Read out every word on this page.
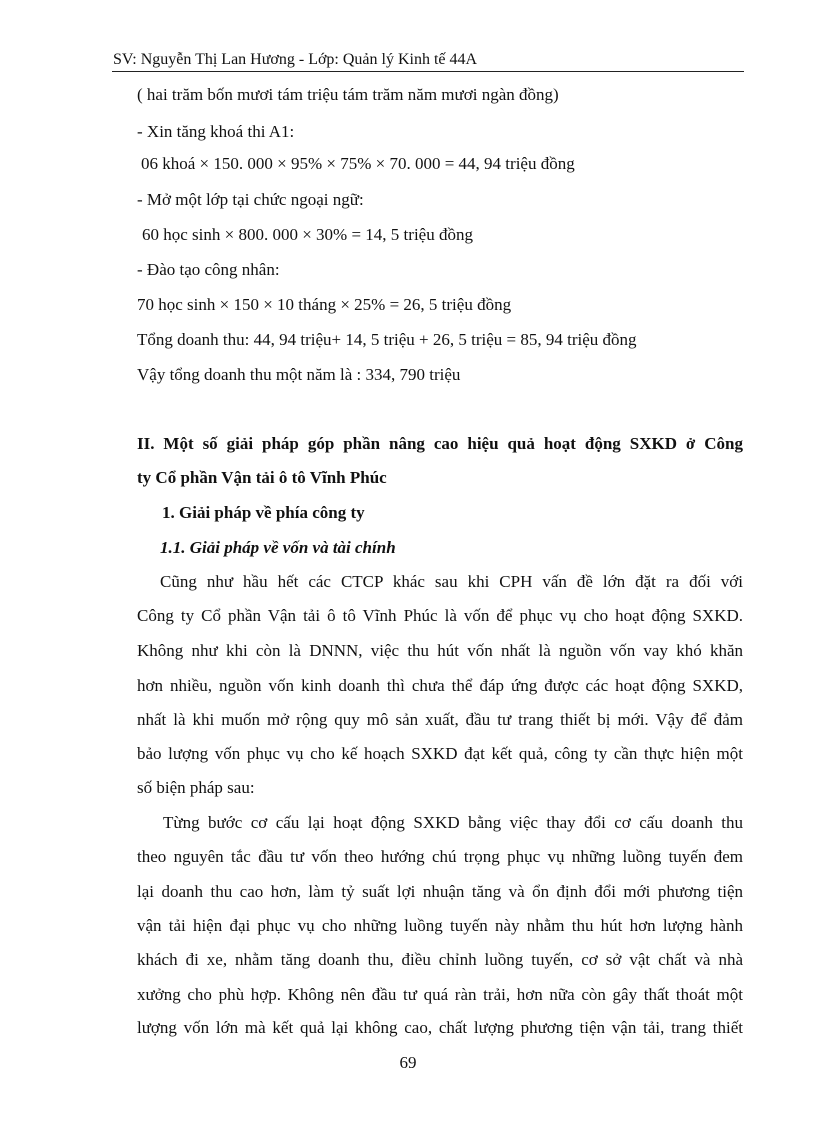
SV: Nguyễn Thị Lan Hương - Lớp: Quản lý Kinh tế 44A
( hai trăm bốn mươi tám triệu tám trăm năm mươi ngàn đồng)
- Xin tăng khoá thi A1:
06 khoá × 150. 000 × 95% × 75% × 70. 000 = 44, 94 triệu đồng
- Mở một lớp tại chức ngoại ngữ:
60 học sinh × 800. 000 × 30% = 14, 5 triệu đồng
- Đào tạo công nhân:
70 học sinh × 150 × 10 tháng × 25% = 26, 5 triệu đồng
Tổng doanh thu: 44, 94 triệu+ 14, 5 triệu + 26, 5 triệu = 85, 94 triệu đồng
Vậy tổng doanh thu một năm là : 334, 790 triệu
II. Một số giải pháp góp phần nâng cao hiệu quả hoạt động SXKD ở Công
ty Cổ phần Vận tải ô tô Vĩnh Phúc
1. Giải pháp về phía công ty
1.1. Giải pháp về vốn và tài chính
Cũng như hầu hết các CTCP khác sau khi CPH vấn đề lớn đặt ra đối với
Công ty Cổ phần Vận tải ô tô Vĩnh Phúc là vốn để phục vụ cho hoạt động SXKD.
Không như khi còn là DNNN, việc thu hút vốn nhất là nguồn vốn vay khó khăn
hơn nhiều, nguồn vốn kinh doanh thì chưa thể đáp ứng được các hoạt động SXKD,
nhất là khi muốn mở rộng quy mô sản xuất, đầu tư trang thiết bị mới. Vậy để đảm
bảo lượng vốn phục vụ cho kế hoạch SXKD đạt kết quả, công ty cần thực hiện một
số biện pháp sau:
Từng bước cơ cấu lại hoạt động SXKD bằng việc thay đổi cơ cấu doanh thu
theo nguyên tắc đầu tư vốn theo hướng chú trọng phục vụ những luồng tuyến đem
lại doanh thu cao hơn, làm tỷ suất lợi nhuận tăng và ổn định đổi mới phương tiện
vận tải hiện đại phục vụ cho những luồng tuyến này nhằm thu hút hơn lượng hành
khách đi xe, nhằm tăng doanh thu, điều chỉnh luồng tuyến, cơ sở vật chất và nhà
xưởng cho phù hợp. Không nên đầu tư quá ràn trải, hơn nữa còn gây thất thoát một
lượng vốn lớn mà kết quả lại không cao, chất lượng phương tiện vận tải, trang thiết
69
